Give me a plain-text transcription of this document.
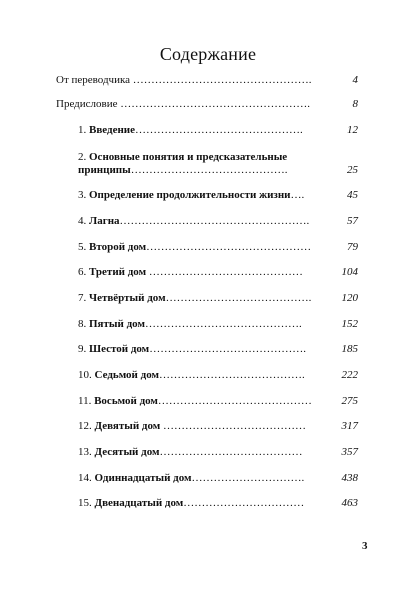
Содержание
От переводчика ………………………………………….	4
Предисловие …………………………………………….	8
1. Введение……………………………………….	12
2. Основные понятия и предсказательные
принципы…………………………………….	25
3. Определение продолжительности жизни….	45
4. Лагна…………………………………………….	57
5. Второй дом………………………………………	79
6. Третий дом ……………………………………	104
7. Четвёртый дом………………………………….	120
8. Пятый дом…………………………………….	152
9. Шестой дом…………………………………….	185
10. Седьмой дом………………………………….	222
11. Восьмой дом……………………………………	275
12. Девятый дом …………………………………	317
13. Десятый дом…………………………………	357
14. Одиннадцатый дом………………………….	438
15. Двенадцатый дом……………………………	463
3
